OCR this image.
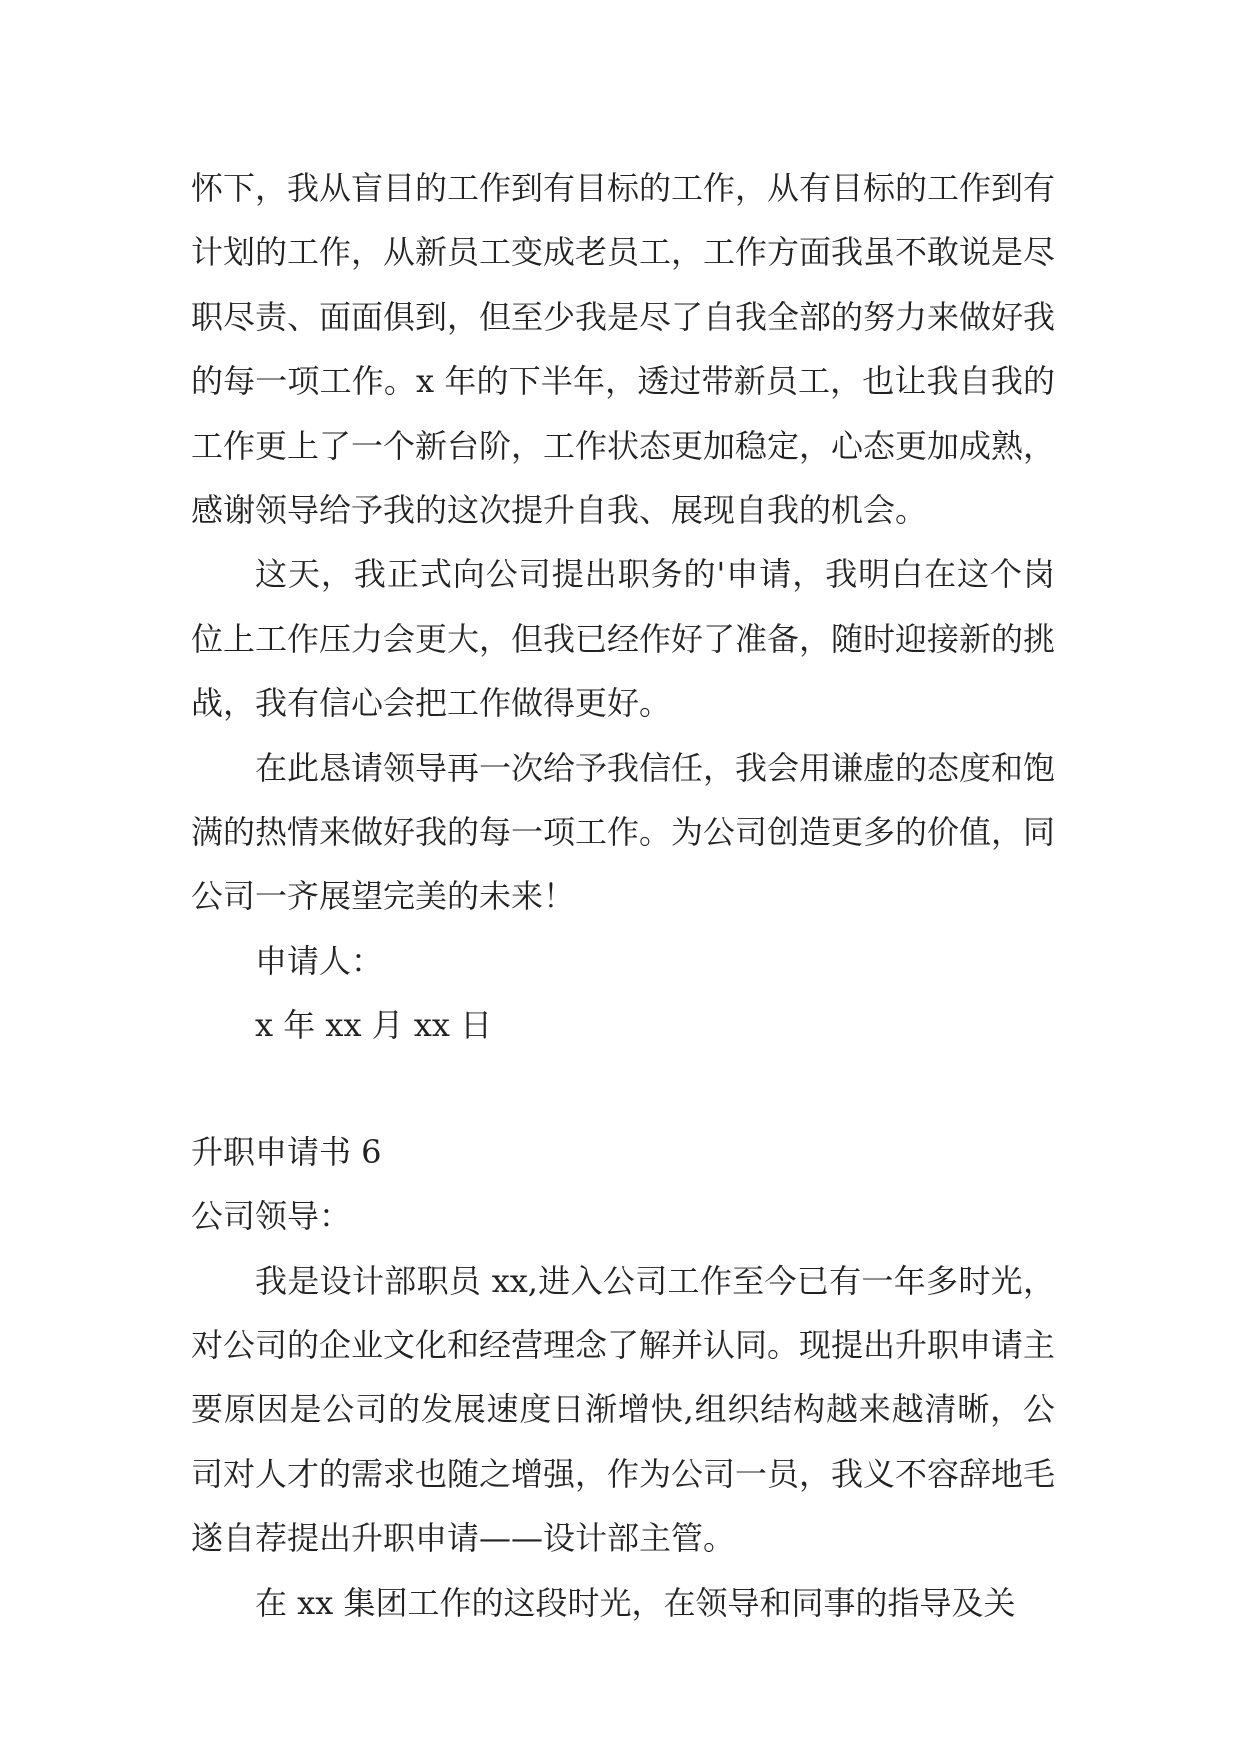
怀下，我从盲目的工作到有目标的工作，从有目标的工作到有计划的工作，从新员工变成老员工，工作方面我虽不敢说是尽职尽责、面面俱到，但至少我是尽了自我全部的努力来做好我的每一项工作。x 年的下半年，透过带新员工，也让我自我的工作更上了一个新台阶，工作状态更加稳定，心态更加成熟，感谢领导给予我的这次提升自我、展现自我的机会。

这天，我正式向公司提出职务的'申请，我明白在这个岗位上工作压力会更大，但我已经作好了准备，随时迎接新的挑战，我有信心会把工作做得更好。

在此恳请领导再一次给予我信任，我会用谦虚的态度和饱满的热情来做好我的每一项工作。为公司创造更多的价值，同公司一齐展望完美的未来！

申请人：

x 年 xx 月 xx 日

升职申请书 6

公司领导：

我是设计部职员 xx,进入公司工作至今已有一年多时光，对公司的企业文化和经营理念了解并认同。现提出升职申请主要原因是公司的发展速度日渐增快,组织结构越来越清晰，公司对人才的需求也随之增强，作为公司一员，我义不容辞地毛遂自荐提出升职申请——设计部主管。

在 xx 集团工作的这段时光，在领导和同事的指导及关
